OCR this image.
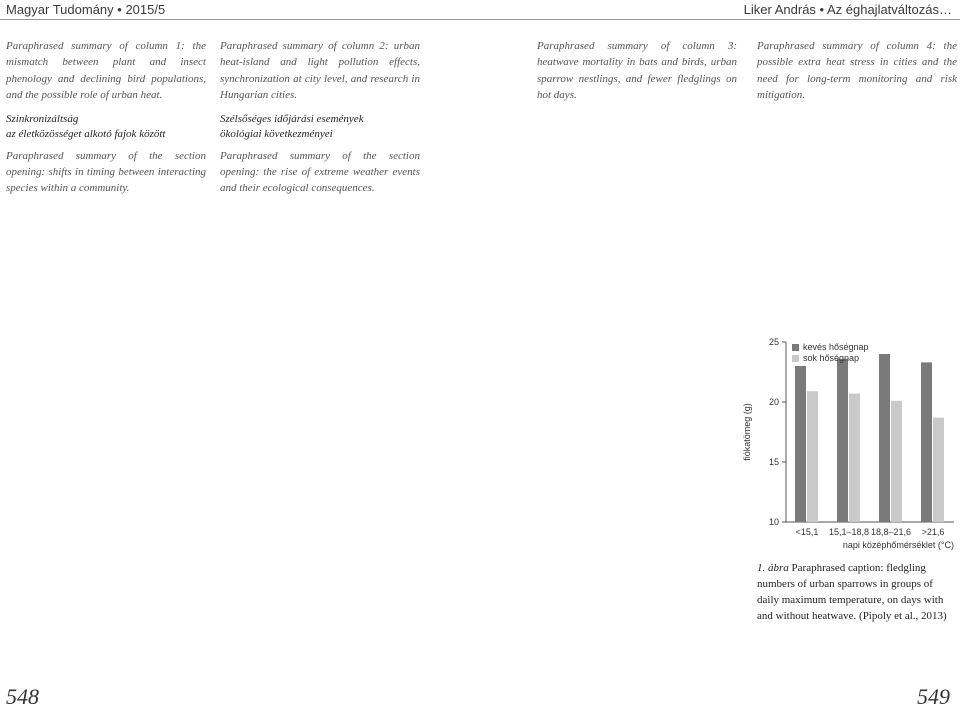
Magyar Tudomány • 2015/5	Liker András • Az éghajlatváltozás…

Paraphrased summary of column 1: the mismatch between plant and insect phenology and declining bird populations, and the possible role of urban heat.

Szinkronizáltság
az életközösséget alkotó fajok között

Paraphrased summary of the section opening: shifts in timing between interacting species within a community.

Paraphrased summary of column 2: urban heat-island and light pollution effects, synchronization at city level, and research in Hungarian cities.

Szélsőséges időjárási események
ökológiai következményei

Paraphrased summary of the section opening: the rise of extreme weather events and their ecological consequences.

Paraphrased summary of column 3: heatwave mortality in bats and birds, urban sparrow nestlings, and fewer fledglings on hot days.

Paraphrased summary of column 4: the possible extra heat stress in cities and the need for long-term monitoring and risk mitigation.

10
15
20
25
fiókatömeg (g)
<15,1 15,1–18,8 18,8–21,6 >21,6
napi középhőmérséklet (°C)
kevés hőségnap
sok hőségnap
1. ábra Paraphrased caption: fledgling numbers of urban sparrows in groups of daily maximum temperature, on days with and without heatwave. (Pipoly et al., 2013)
548	549
